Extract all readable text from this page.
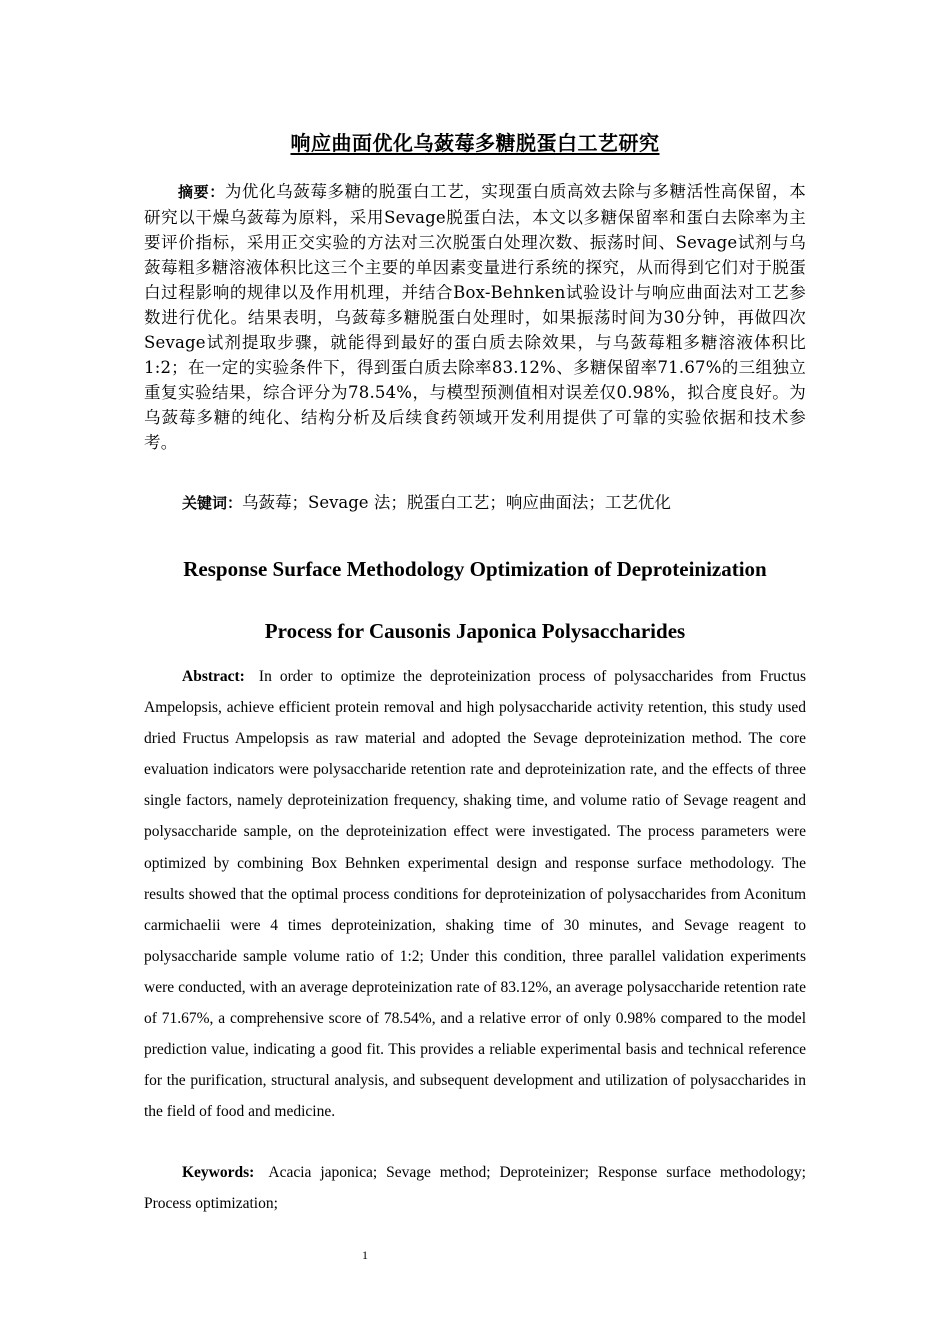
响应曲面优化乌蔹莓多糖脱蛋白工艺研究
摘要：为优化乌蔹莓多糖的脱蛋白工艺，实现蛋白质高效去除与多糖活性高保留，本研究以干燥乌蔹莓为原料，采用Sevage脱蛋白法，本文以多糖保留率和蛋白去除率为主要评价指标，采用正交实验的方法对三次脱蛋白处理次数、振荡时间、Sevage试剂与乌蔹莓粗多糖溶液体积比这三个主要的单因素变量进行系统的探究，从而得到它们对于脱蛋白过程影响的规律以及作用机理，并结合Box-Behnken试验设计与响应曲面法对工艺参数进行优化。结果表明，乌蔹莓多糖脱蛋白处理时，如果振荡时间为30分钟，再做四次Sevage试剂提取步骤，就能得到最好的蛋白质去除效果，与乌蔹莓粗多糖溶液体积比1:2；在一定的实验条件下，得到蛋白质去除率83.12%、多糖保留率71.67%的三组独立重复实验结果，综合评分为78.54%，与模型预测值相对误差仅0.98%，拟合度良好。为乌蔹莓多糖的纯化、结构分析及后续食药领域开发利用提供了可靠的实验依据和技术参考。
关键词：乌蔹莓；Sevage 法；脱蛋白工艺；响应曲面法；工艺优化
Response Surface Methodology Optimization of Deproteinization
Process for Causonis Japonica Polysaccharides
Abstract: In order to optimize the deproteinization process of polysaccharides from Fructus Ampelopsis, achieve efficient protein removal and high polysaccharide activity retention, this study used dried Fructus Ampelopsis as raw material and adopted the Sevage deproteinization method. The core evaluation indicators were polysaccharide retention rate and deproteinization rate, and the effects of three single factors, namely deproteinization frequency, shaking time, and volume ratio of Sevage reagent and polysaccharide sample, on the deproteinization effect were investigated. The process parameters were optimized by combining Box Behnken experimental design and response surface methodology. The results showed that the optimal process conditions for deproteinization of polysaccharides from Aconitum carmichaelii were 4 times deproteinization, shaking time of 30 minutes, and Sevage reagent to polysaccharide sample volume ratio of 1:2; Under this condition, three parallel validation experiments were conducted, with an average deproteinization rate of 83.12%, an average polysaccharide retention rate of 71.67%, a comprehensive score of 78.54%, and a relative error of only 0.98% compared to the model prediction value, indicating a good fit. This provides a reliable experimental basis and technical reference for the purification, structural analysis, and subsequent development and utilization of polysaccharides in the field of food and medicine.
Keywords: Acacia japonica; Sevage method; Deproteinizer; Response surface methodology; Process optimization;
1
